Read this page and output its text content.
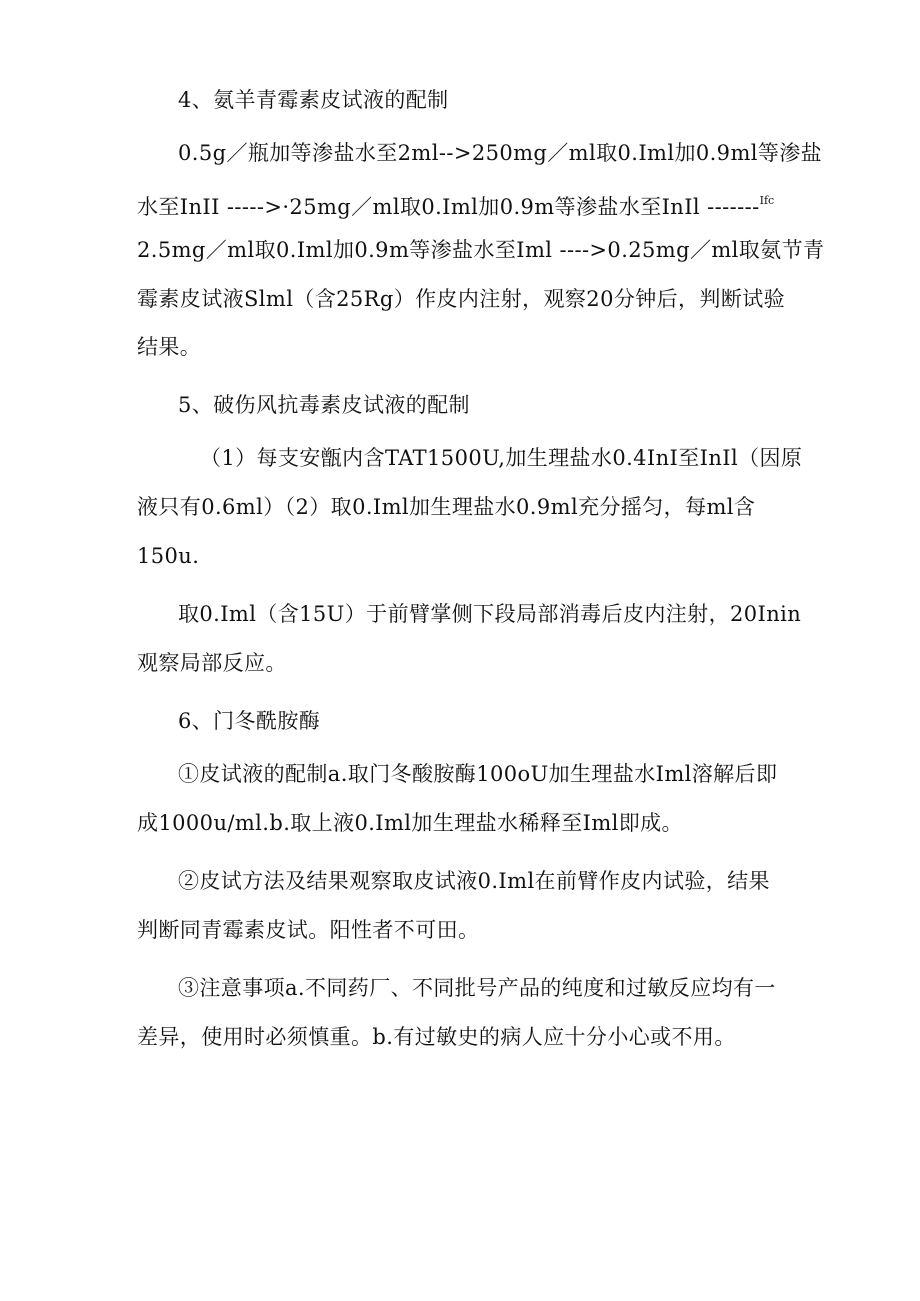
4、氨羊青霉素皮试液的配制
0.5g／瓶加等渗盐水至2ml-->250mg／ml取0.Iml加0.9ml等渗盐
水至InII ----->·25mg／ml取0.Iml加0.9m等渗盐水至InIl -------$^{Ifc}$
2.5mg／ml取0.Iml加0.9m等渗盐水至Iml ---->0.25mg／ml取氨节青
霉素皮试液Slml（含25Rg）作皮内注射，观察20分钟后，判断试验
结果。
5、破伤风抗毒素皮试液的配制
（1）每支安甑内含TAT1500U,加生理盐水0.4InI至InIl（因原
液只有0.6ml）（2）取0.Iml加生理盐水0.9ml充分摇匀，每ml含
150u.
取0.Iml（含15U）于前臂掌侧下段局部消毒后皮内注射，20Inin
观察局部反应。
6、门冬酰胺酶
①皮试液的配制a.取门冬酸胺酶100oU加生理盐水Iml溶解后即
成1000u/ml.b.取上液0.Iml加生理盐水稀释至Iml即成。
②皮试方法及结果观察取皮试液0.Iml在前臂作皮内试验，结果
判断同青霉素皮试。阳性者不可田。
③注意事项a.不同药厂、不同批号产品的纯度和过敏反应均有一
差异，使用时必须慎重。b.有过敏史的病人应十分小心或不用。
